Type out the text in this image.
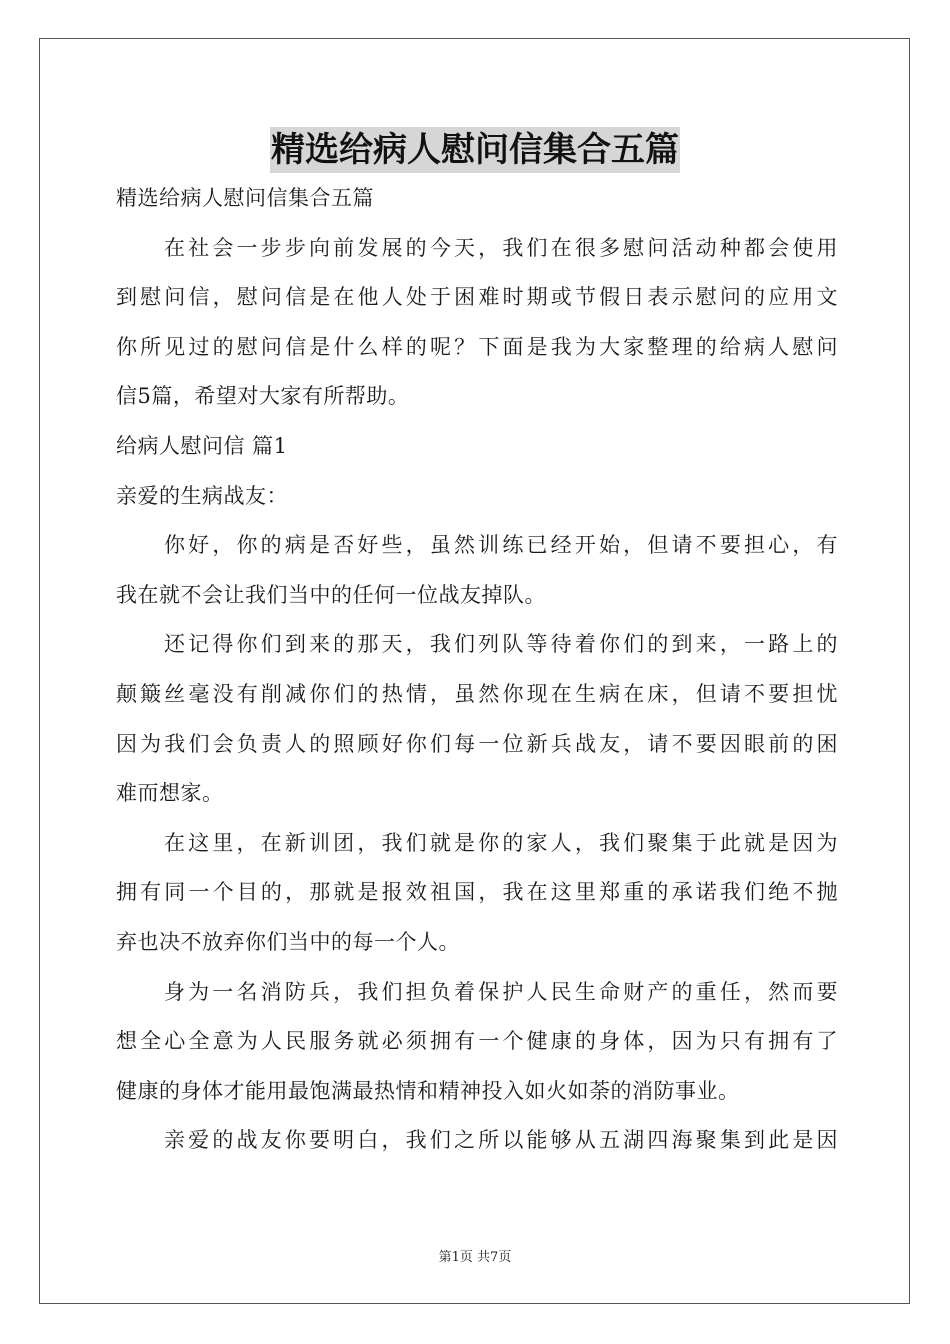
精选给病人慰问信集合五篇

精选给病人慰问信集合五篇

在社会一步步向前发展的今天，我们在很多慰问活动种都会使用

到慰问信，慰问信是在他人处于困难时期或节假日表示慰问的应用文

你所见过的慰问信是什么样的呢？下面是我为大家整理的给病人慰问

信5篇，希望对大家有所帮助。

给病人慰问信 篇1

亲爱的生病战友：

你好，你的病是否好些，虽然训练已经开始，但请不要担心，有

我在就不会让我们当中的任何一位战友掉队。

还记得你们到来的那天，我们列队等待着你们的到来，一路上的

颠簸丝毫没有削减你们的热情，虽然你现在生病在床，但请不要担忧

因为我们会负责人的照顾好你们每一位新兵战友，请不要因眼前的困

难而想家。

在这里，在新训团，我们就是你的家人，我们聚集于此就是因为

拥有同一个目的，那就是报效祖国，我在这里郑重的承诺我们绝不抛

弃也决不放弃你们当中的每一个人。

身为一名消防兵，我们担负着保护人民生命财产的重任，然而要

想全心全意为人民服务就必须拥有一个健康的身体，因为只有拥有了

健康的身体才能用最饱满最热情和精神投入如火如荼的消防事业。

亲爱的战友你要明白，我们之所以能够从五湖四海聚集到此是因

第1页 共7页
